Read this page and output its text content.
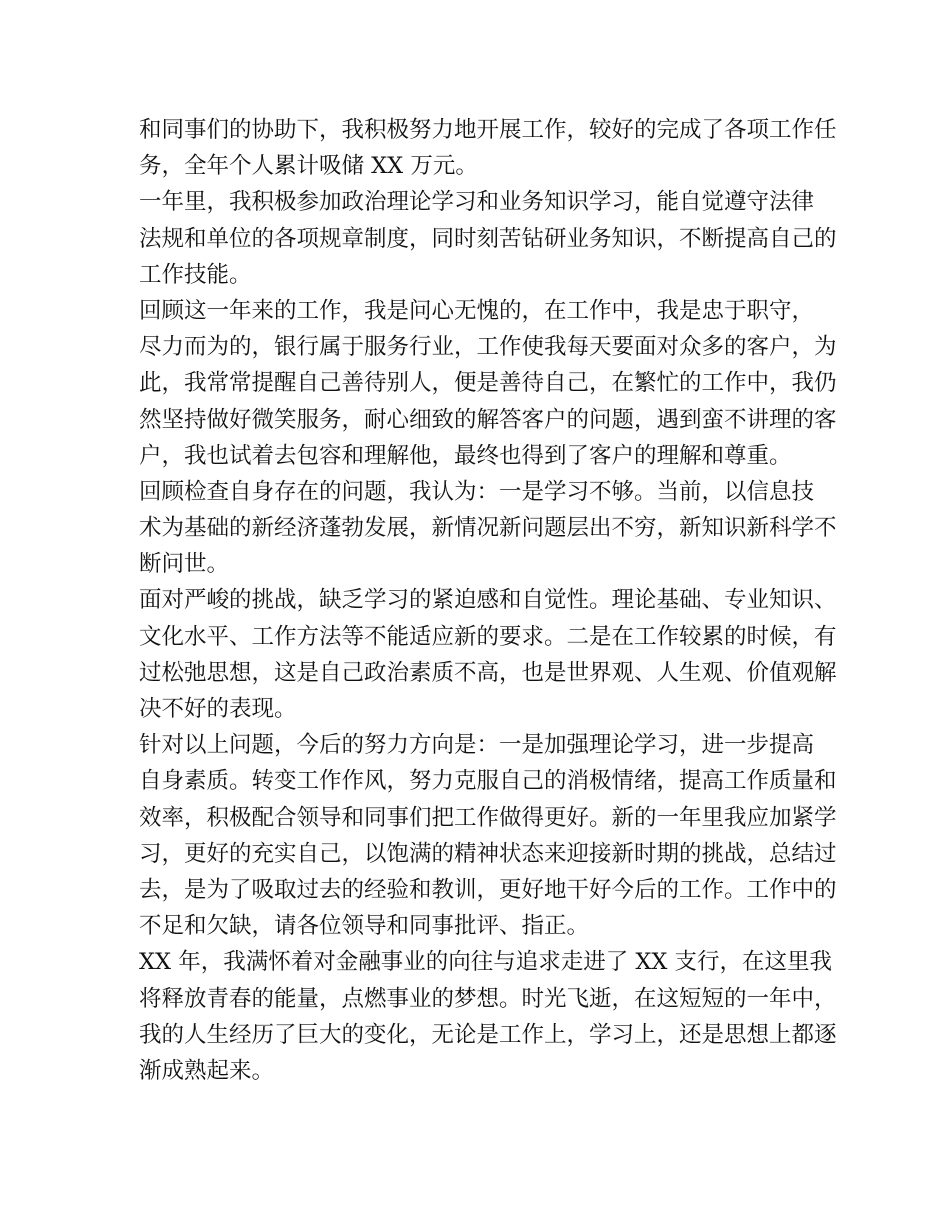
和同事们的协助下，我积极努力地开展工作，较好的完成了各项工作任
务，全年个人累计吸储 XX 万元。
一年里，我积极参加政治理论学习和业务知识学习，能自觉遵守法律
法规和单位的各项规章制度，同时刻苦钻研业务知识，不断提高自己的
工作技能。
回顾这一年来的工作，我是问心无愧的，在工作中，我是忠于职守，
尽力而为的，银行属于服务行业，工作使我每天要面对众多的客户，为
此，我常常提醒自己善待别人，便是善待自己，在繁忙的工作中，我仍
然坚持做好微笑服务，耐心细致的解答客户的问题，遇到蛮不讲理的客
户，我也试着去包容和理解他，最终也得到了客户的理解和尊重。
回顾检查自身存在的问题，我认为：一是学习不够。当前，以信息技
术为基础的新经济蓬勃发展，新情况新问题层出不穷，新知识新科学不
断问世。
面对严峻的挑战，缺乏学习的紧迫感和自觉性。理论基础、专业知识、
文化水平、工作方法等不能适应新的要求。二是在工作较累的时候，有
过松弛思想，这是自己政治素质不高，也是世界观、人生观、价值观解
决不好的表现。
针对以上问题，今后的努力方向是：一是加强理论学习，进一步提高
自身素质。转变工作作风，努力克服自己的消极情绪，提高工作质量和
效率，积极配合领导和同事们把工作做得更好。新的一年里我应加紧学
习，更好的充实自己，以饱满的精神状态来迎接新时期的挑战，总结过
去，是为了吸取过去的经验和教训，更好地干好今后的工作。工作中的
不足和欠缺，请各位领导和同事批评、指正。
XX 年，我满怀着对金融事业的向往与追求走进了 XX 支行，在这里我
将释放青春的能量，点燃事业的梦想。时光飞逝，在这短短的一年中，
我的人生经历了巨大的变化，无论是工作上，学习上，还是思想上都逐
渐成熟起来。
